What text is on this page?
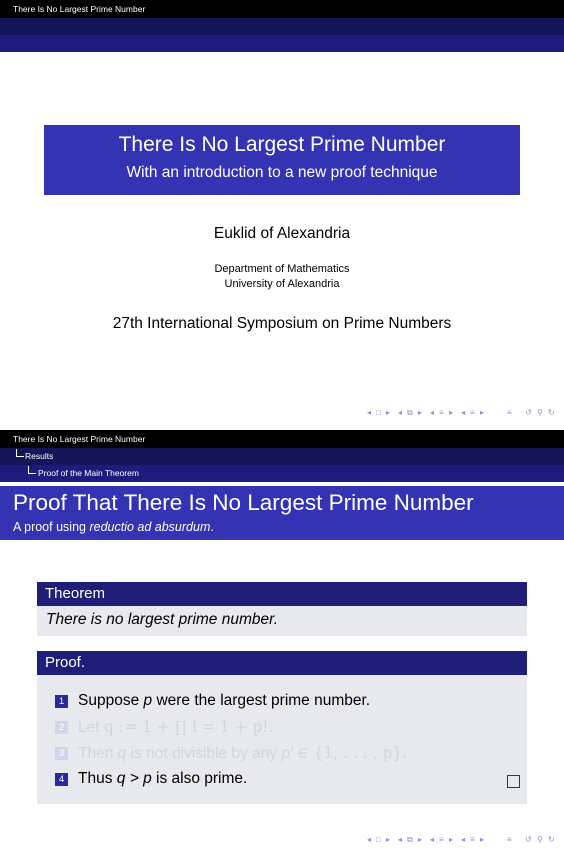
There Is No Largest Prime Number
There Is No Largest Prime Number
With an introduction to a new proof technique
Euklid of Alexandria
Department of Mathematics
University of Alexandria
27th International Symposium on Prime Numbers
◂ □ ▸ ◂ ⧉ ▸ ◂ ≡ ▸ ◂ ≡ ▸	≡ ↺ ⚲ ↻
There Is No Largest Prime Number
Results
Proof of the Main Theorem
Proof That There Is No Largest Prime Number
A proof using reductio ad absurdum.
Theorem
There is no largest prime number.
Proof.
1 Suppose p were the largest prime number.
2 Let q := 1 + ∏ i = 1 + p!.
3 Then q is not divisible by any p′ ∈ {1, . . . , p}.
4 Thus q > p is also prime.
◂ □ ▸ ◂ ⧉ ▸ ◂ ≡ ▸ ◂ ≡ ▸	≡ ↺ ⚲ ↻
